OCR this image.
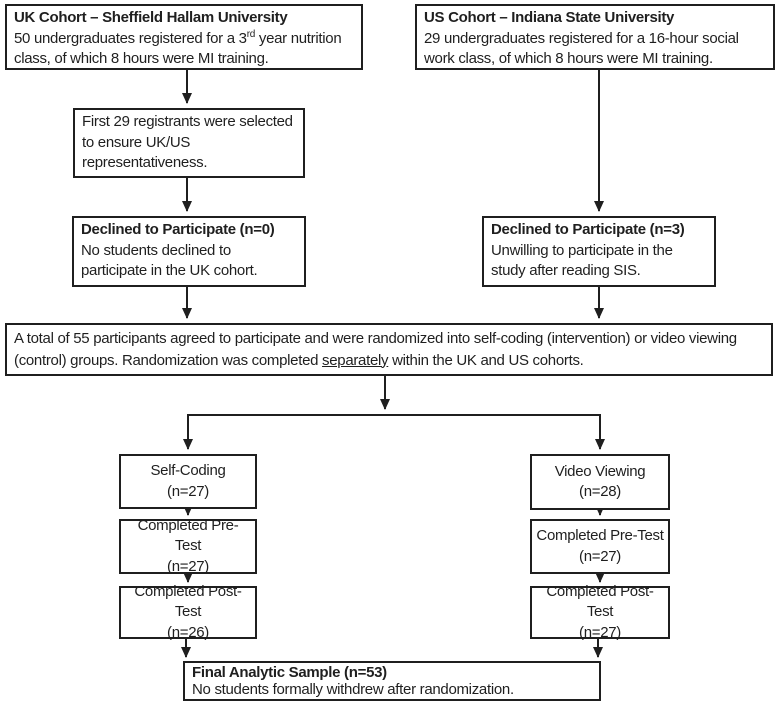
UK Cohort – Sheffield Hallam University
50 undergraduates registered for a 3rd year nutrition class, of which 8 hours were MI training.
US Cohort – Indiana State University
29 undergraduates registered for a 16-hour social work class, of which 8 hours were MI training.
First 29 registrants were selected to ensure UK/US representativeness.
Declined to Participate (n=0)
No students declined to participate in the UK cohort.
Declined to Participate (n=3)
Unwilling to participate in the study after reading SIS.
A total of 55 participants agreed to participate and were randomized into self-coding (intervention) or video viewing (control) groups. Randomization was completed separately within the UK and US cohorts.
Self-Coding
(n=27)
Video Viewing
(n=28)
Completed Pre-Test
(n=27)
Completed Pre-Test
(n=27)
Completed Post-Test
(n=26)
Completed Post-Test
(n=27)
Final Analytic Sample (n=53)
No students formally withdrew after randomization.
